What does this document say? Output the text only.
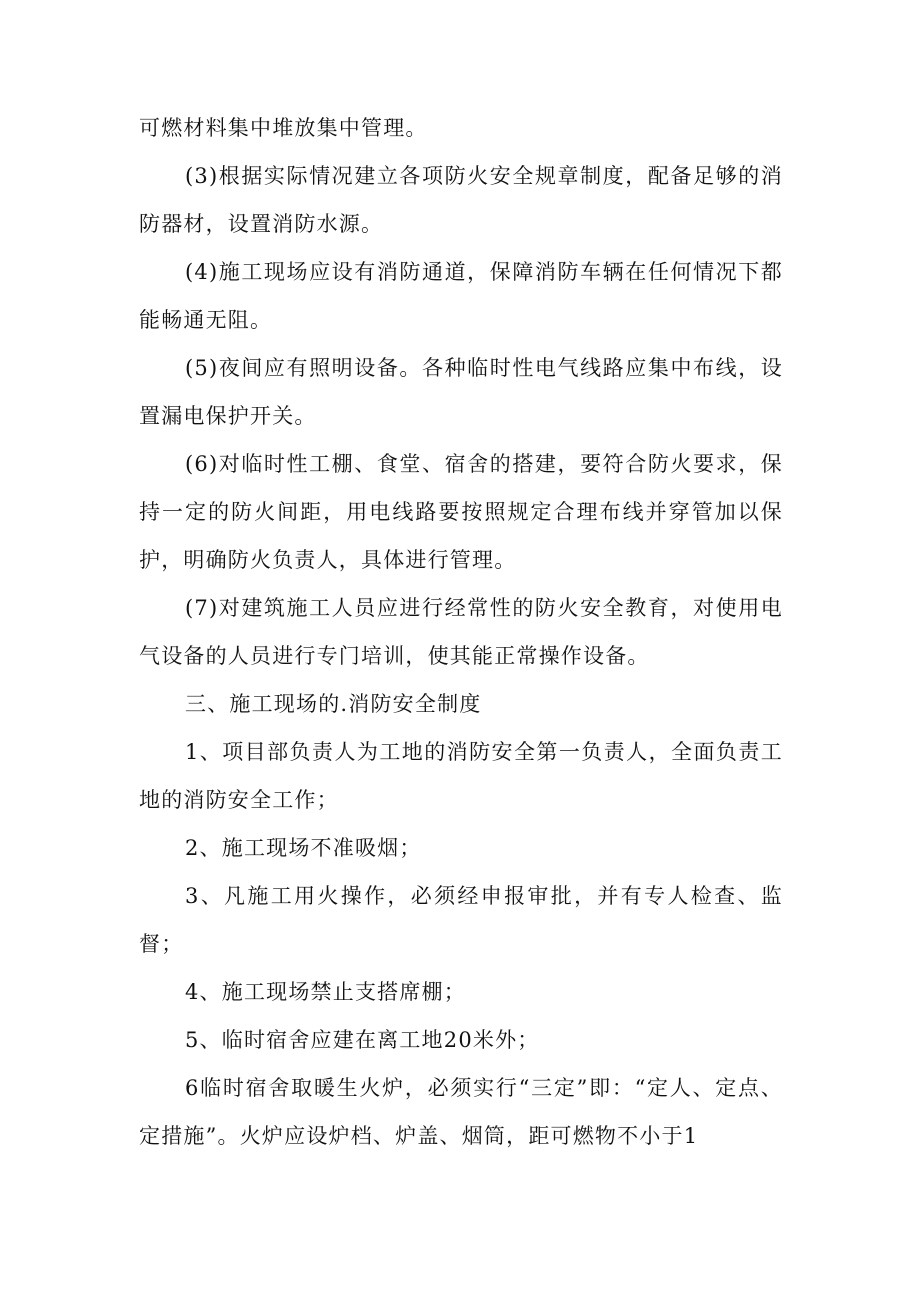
可燃材料集中堆放集中管理。

(3)根据实际情况建立各项防火安全规章制度，配备足够的消防器材，设置消防水源。

(4)施工现场应设有消防通道，保障消防车辆在任何情况下都能畅通无阻。

(5)夜间应有照明设备。各种临时性电气线路应集中布线，设置漏电保护开关。

(6)对临时性工棚、食堂、宿舍的搭建，要符合防火要求，保持一定的防火间距，用电线路要按照规定合理布线并穿管加以保护，明确防火负责人，具体进行管理。

(7)对建筑施工人员应进行经常性的防火安全教育，对使用电气设备的人员进行专门培训，使其能正常操作设备。

三、施工现场的.消防安全制度

1、项目部负责人为工地的消防安全第一负责人，全面负责工地的消防安全工作；

2、施工现场不准吸烟；

3、凡施工用火操作，必须经申报审批，并有专人检查、监督；

4、施工现场禁止支搭席棚；

5、临时宿舍应建在离工地20米外；

6临时宿舍取暖生火炉，必须实行“三定”即：“定人、定点、定措施”。火炉应设炉档、炉盖、烟筒，距可燃物不小于1
